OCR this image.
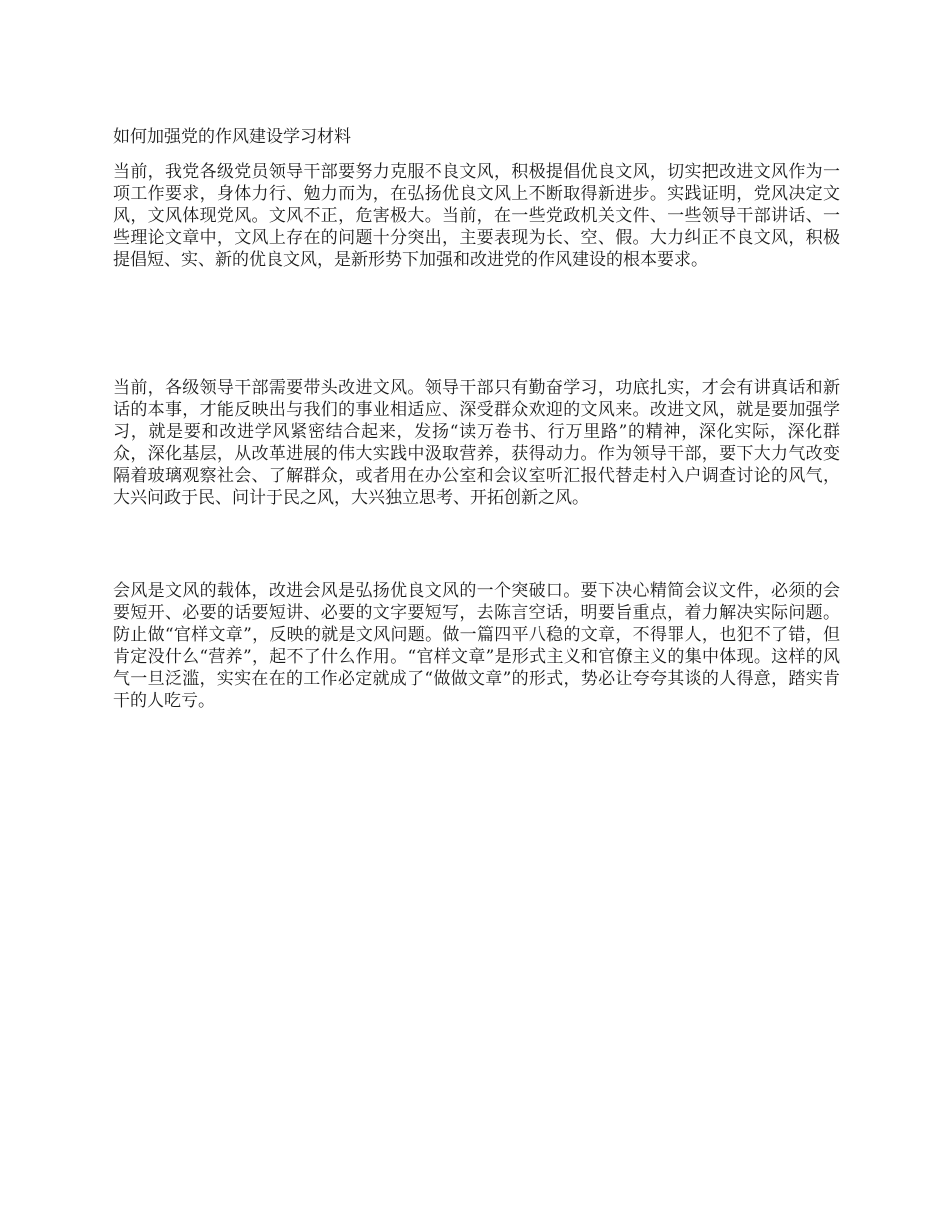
如何加强党的作风建设学习材料

当前，我党各级党员领导干部要努力克服不良文风，积极提倡优良文风，切实把改进文风作为一项工作要求，身体力行、勉力而为，在弘扬优良文风上不断取得新进步。实践证明，党风决定文风，文风体现党风。文风不正，危害极大。当前，在一些党政机关文件、一些领导干部讲话、一些理论文章中，文风上存在的问题十分突出，主要表现为长、空、假。大力纠正不良文风，积极提倡短、实、新的优良文风，是新形势下加强和改进党的作风建设的根本要求。

当前，各级领导干部需要带头改进文风。领导干部只有勤奋学习，功底扎实，才会有讲真话和新话的本事，才能反映出与我们的事业相适应、深受群众欢迎的文风来。改进文风，就是要加强学习，就是要和改进学风紧密结合起来，发扬“读万卷书、行万里路”的精神，深化实际，深化群众，深化基层，从改革进展的伟大实践中汲取营养，获得动力。作为领导干部，要下大力气改变隔着玻璃观察社会、了解群众，或者用在办公室和会议室听汇报代替走村入户调查讨论的风气，大兴问政于民、问计于民之风，大兴独立思考、开拓创新之风。

会风是文风的载体，改进会风是弘扬优良文风的一个突破口。要下决心精简会议文件，必须的会要短开、必要的话要短讲、必要的文字要短写，去陈言空话，明要旨重点，着力解决实际问题。防止做“官样文章”，反映的就是文风问题。做一篇四平八稳的文章，不得罪人，也犯不了错，但肯定没什么“营养”，起不了什么作用。“官样文章”是形式主义和官僚主义的集中体现。这样的风气一旦泛滥，实实在在的工作必定就成了“做做文章”的形式，势必让夸夸其谈的人得意，踏实肯干的人吃亏。
